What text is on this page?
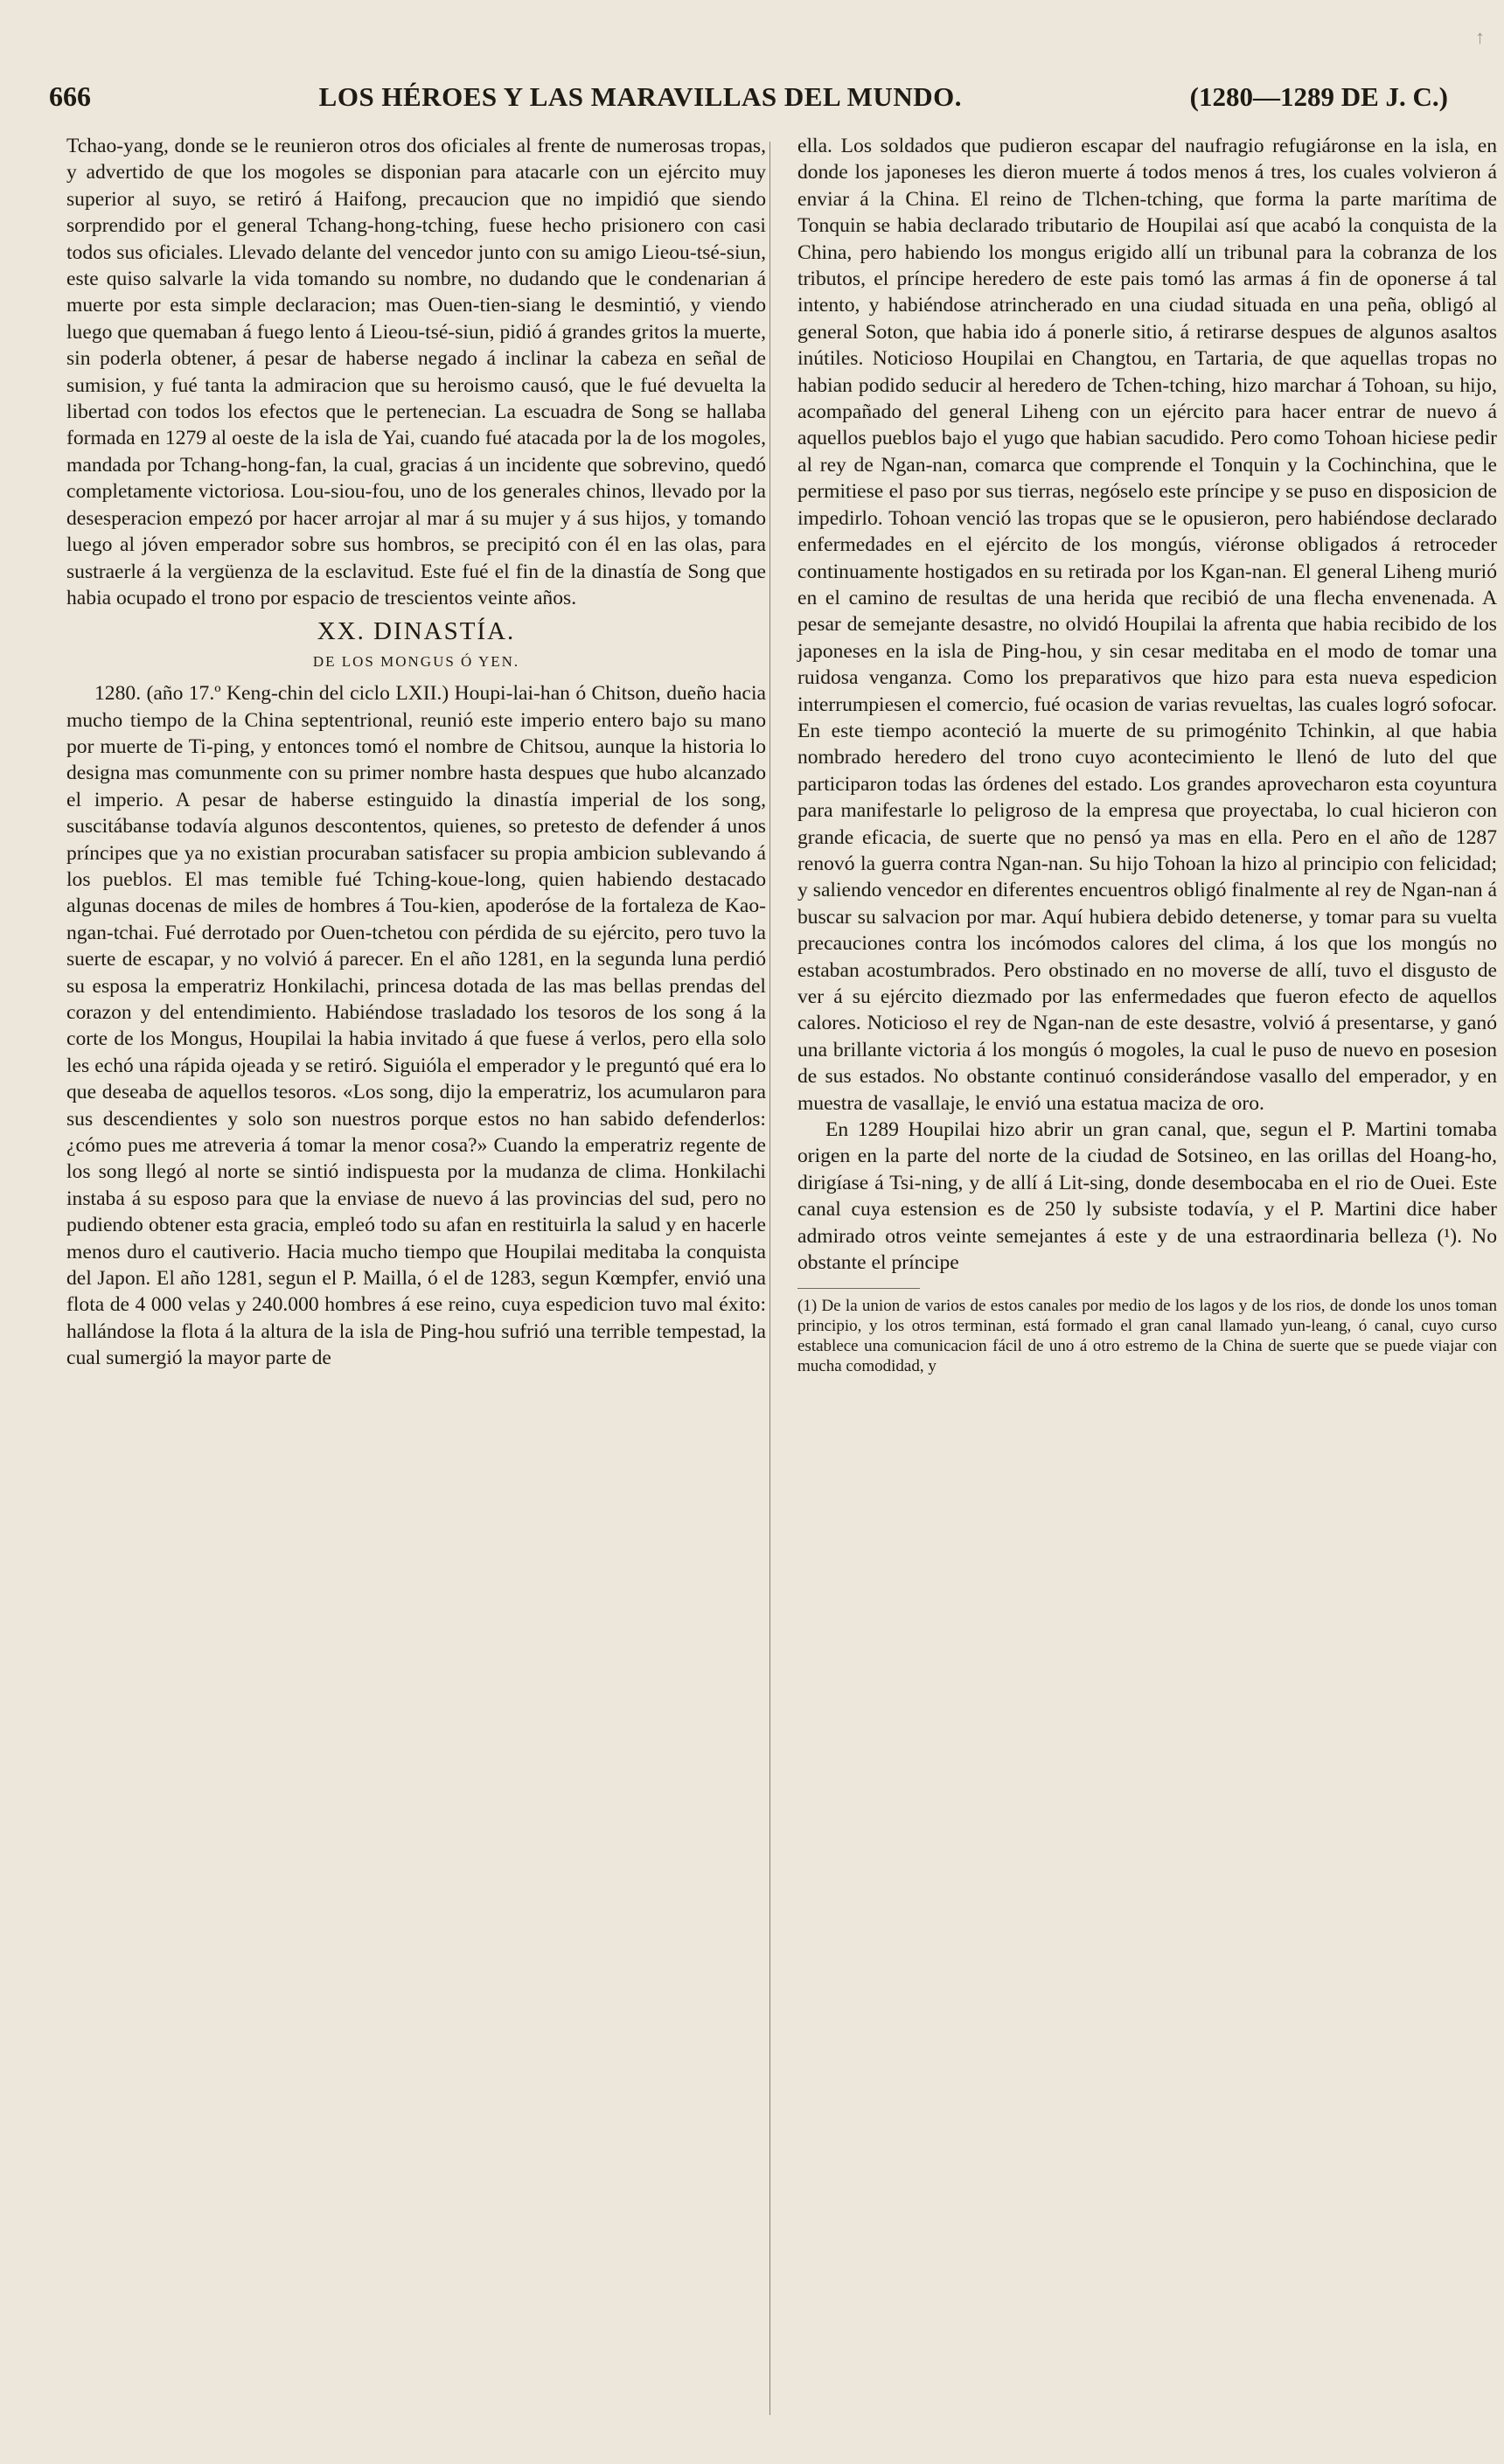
↑
666	LOS HÉROES Y LAS MARAVILLAS DEL MUNDO.	(1280—1289 DE J. C.)

Tchao-yang, donde se le reunieron otros dos oficiales al frente de numerosas tropas, y advertido de que los mogoles se disponian para atacarle con un ejército muy superior al suyo, se retiró á Haifong, precaucion que no impidió que siendo sorprendido por el general Tchang-hong-tching, fuese hecho prisionero con casi todos sus oficiales. Llevado delante del vencedor junto con su amigo Lieou-tsé-siun, este quiso salvarle la vida tomando su nombre, no dudando que le condenarian á muerte por esta simple declaracion; mas Ouen-tien-siang le desmintió, y viendo luego que quemaban á fuego lento á Lieou-tsé-siun, pidió á grandes gritos la muerte, sin poderla obtener, á pesar de haberse negado á inclinar la cabeza en señal de sumision, y fué tanta la admiracion que su heroismo causó, que le fué devuelta la libertad con todos los efectos que le pertenecian. La escuadra de Song se hallaba formada en 1279 al oeste de la isla de Yai, cuando fué atacada por la de los mogoles, mandada por Tchang-hong-fan, la cual, gracias á un incidente que sobrevino, quedó completamente victoriosa. Lou-siou-fou, uno de los generales chinos, llevado por la desesperacion empezó por hacer arrojar al mar á su mujer y á sus hijos, y tomando luego al jóven emperador sobre sus hombros, se precipitó con él en las olas, para sustraerle á la vergüenza de la esclavitud. Este fué el fin de la dinastía de Song que habia ocupado el trono por espacio de trescientos veinte años.

XX. DINASTÍA.
DE LOS MONGUS Ó YEN.

1280. (año 17.º Keng-chin del ciclo LXII.) Houpi-lai-han ó Chitson, dueño hacia mucho tiempo de la China septentrional, reunió este imperio entero bajo su mano por muerte de Ti-ping, y entonces tomó el nombre de Chitsou, aunque la historia lo designa mas comunmente con su primer nombre hasta despues que hubo alcanzado el imperio. A pesar de haberse estinguido la dinastía imperial de los song, suscitábanse todavía algunos descontentos, quienes, so pretesto de defender á unos príncipes que ya no existian procuraban satisfacer su propia ambicion sublevando á los pueblos. El mas temible fué Tching-koue-long, quien habiendo destacado algunas docenas de miles de hombres á Tou-kien, apoderóse de la fortaleza de Kao-ngan-tchai. Fué derrotado por Ouen-tchetou con pérdida de su ejército, pero tuvo la suerte de escapar, y no volvió á parecer. En el año 1281, en la segunda luna perdió su esposa la emperatriz Honkilachi, princesa dotada de las mas bellas prendas del corazon y del entendimiento. Habiéndose trasladado los tesoros de los song á la corte de los Mongus, Houpilai la habia invitado á que fuese á verlos, pero ella solo les echó una rápida ojeada y se retiró. Siguióla el emperador y le preguntó qué era lo que deseaba de aquellos tesoros. «Los song, dijo la emperatriz, los acumularon para sus descendientes y solo son nuestros porque estos no han sabido defenderlos: ¿cómo pues me atreveria á tomar la menor cosa?» Cuando la emperatriz regente de los song llegó al norte se sintió indispuesta por la mudanza de clima. Honkilachi instaba á su esposo para que la enviase de nuevo á las provincias del sud, pero no pudiendo obtener esta gracia, empleó todo su afan en restituirla la salud y en hacerle menos duro el cautiverio. Hacia mucho tiempo que Houpilai meditaba la conquista del Japon. El año 1281, segun el P. Mailla, ó el de 1283, segun Kœmpfer, envió una flota de 4 000 velas y 240.000 hombres á ese reino, cuya espedicion tuvo mal éxito: hallándose la flota á la altura de la isla de Ping-hou sufrió una terrible tempestad, la cual sumergió la mayor parte de

ella. Los soldados que pudieron escapar del naufragio refugiáronse en la isla, en donde los japoneses les dieron muerte á todos menos á tres, los cuales volvieron á enviar á la China. El reino de Tlchen-tching, que forma la parte marítima de Tonquin se habia declarado tributario de Houpilai así que acabó la conquista de la China, pero habiendo los mongus erigido allí un tribunal para la cobranza de los tributos, el príncipe heredero de este pais tomó las armas á fin de oponerse á tal intento, y habiéndose atrincherado en una ciudad situada en una peña, obligó al general Soton, que habia ido á ponerle sitio, á retirarse despues de algunos asaltos inútiles. Noticioso Houpilai en Changtou, en Tartaria, de que aquellas tropas no habian podido seducir al heredero de Tchen-tching, hizo marchar á Tohoan, su hijo, acompañado del general Liheng con un ejército para hacer entrar de nuevo á aquellos pueblos bajo el yugo que habian sacudido. Pero como Tohoan hiciese pedir al rey de Ngan-nan, comarca que comprende el Tonquin y la Cochinchina, que le permitiese el paso por sus tierras, negóselo este príncipe y se puso en disposicion de impedirlo. Tohoan venció las tropas que se le opusieron, pero habiéndose declarado enfermedades en el ejército de los mongús, viéronse obligados á retroceder continuamente hostigados en su retirada por los Kgan-nan. El general Liheng murió en el camino de resultas de una herida que recibió de una flecha envenenada. A pesar de semejante desastre, no olvidó Houpilai la afrenta que habia recibido de los japoneses en la isla de Ping-hou, y sin cesar meditaba en el modo de tomar una ruidosa venganza. Como los preparativos que hizo para esta nueva espedicion interrumpiesen el comercio, fué ocasion de varias revueltas, las cuales logró sofocar. En este tiempo aconteció la muerte de su primogénito Tchinkin, al que habia nombrado heredero del trono cuyo acontecimiento le llenó de luto del que participaron todas las órdenes del estado. Los grandes aprovecharon esta coyuntura para manifestarle lo peligroso de la empresa que proyectaba, lo cual hicieron con grande eficacia, de suerte que no pensó ya mas en ella. Pero en el año de 1287 renovó la guerra contra Ngan-nan. Su hijo Tohoan la hizo al principio con felicidad; y saliendo vencedor en diferentes encuentros obligó finalmente al rey de Ngan-nan á buscar su salvacion por mar. Aquí hubiera debido detenerse, y tomar para su vuelta precauciones contra los incómodos calores del clima, á los que los mongús no estaban acostumbrados. Pero obstinado en no moverse de allí, tuvo el disgusto de ver á su ejército diezmado por las enfermedades que fueron efecto de aquellos calores. Noticioso el rey de Ngan-nan de este desastre, volvió á presentarse, y ganó una brillante victoria á los mongús ó mogoles, la cual le puso de nuevo en posesion de sus estados. No obstante continuó considerándose vasallo del emperador, y en muestra de vasallaje, le envió una estatua maciza de oro.

En 1289 Houpilai hizo abrir un gran canal, que, segun el P. Martini tomaba origen en la parte del norte de la ciudad de Sotsineo, en las orillas del Hoang-ho, dirigíase á Tsi-ning, y de allí á Lit-sing, donde desembocaba en el rio de Ouei. Este canal cuya estension es de 250 ly subsiste todavía, y el P. Martini dice haber admirado otros veinte semejantes á este y de una estraordinaria belleza (¹). No obstante el príncipe

(1) De la union de varios de estos canales por medio de los lagos y de los rios, de donde los unos toman principio, y los otros terminan, está formado el gran canal llamado yun-leang, ó canal, cuyo curso establece una comunicacion fácil de uno á otro estremo de la China de suerte que se puede viajar con mucha comodidad, y
